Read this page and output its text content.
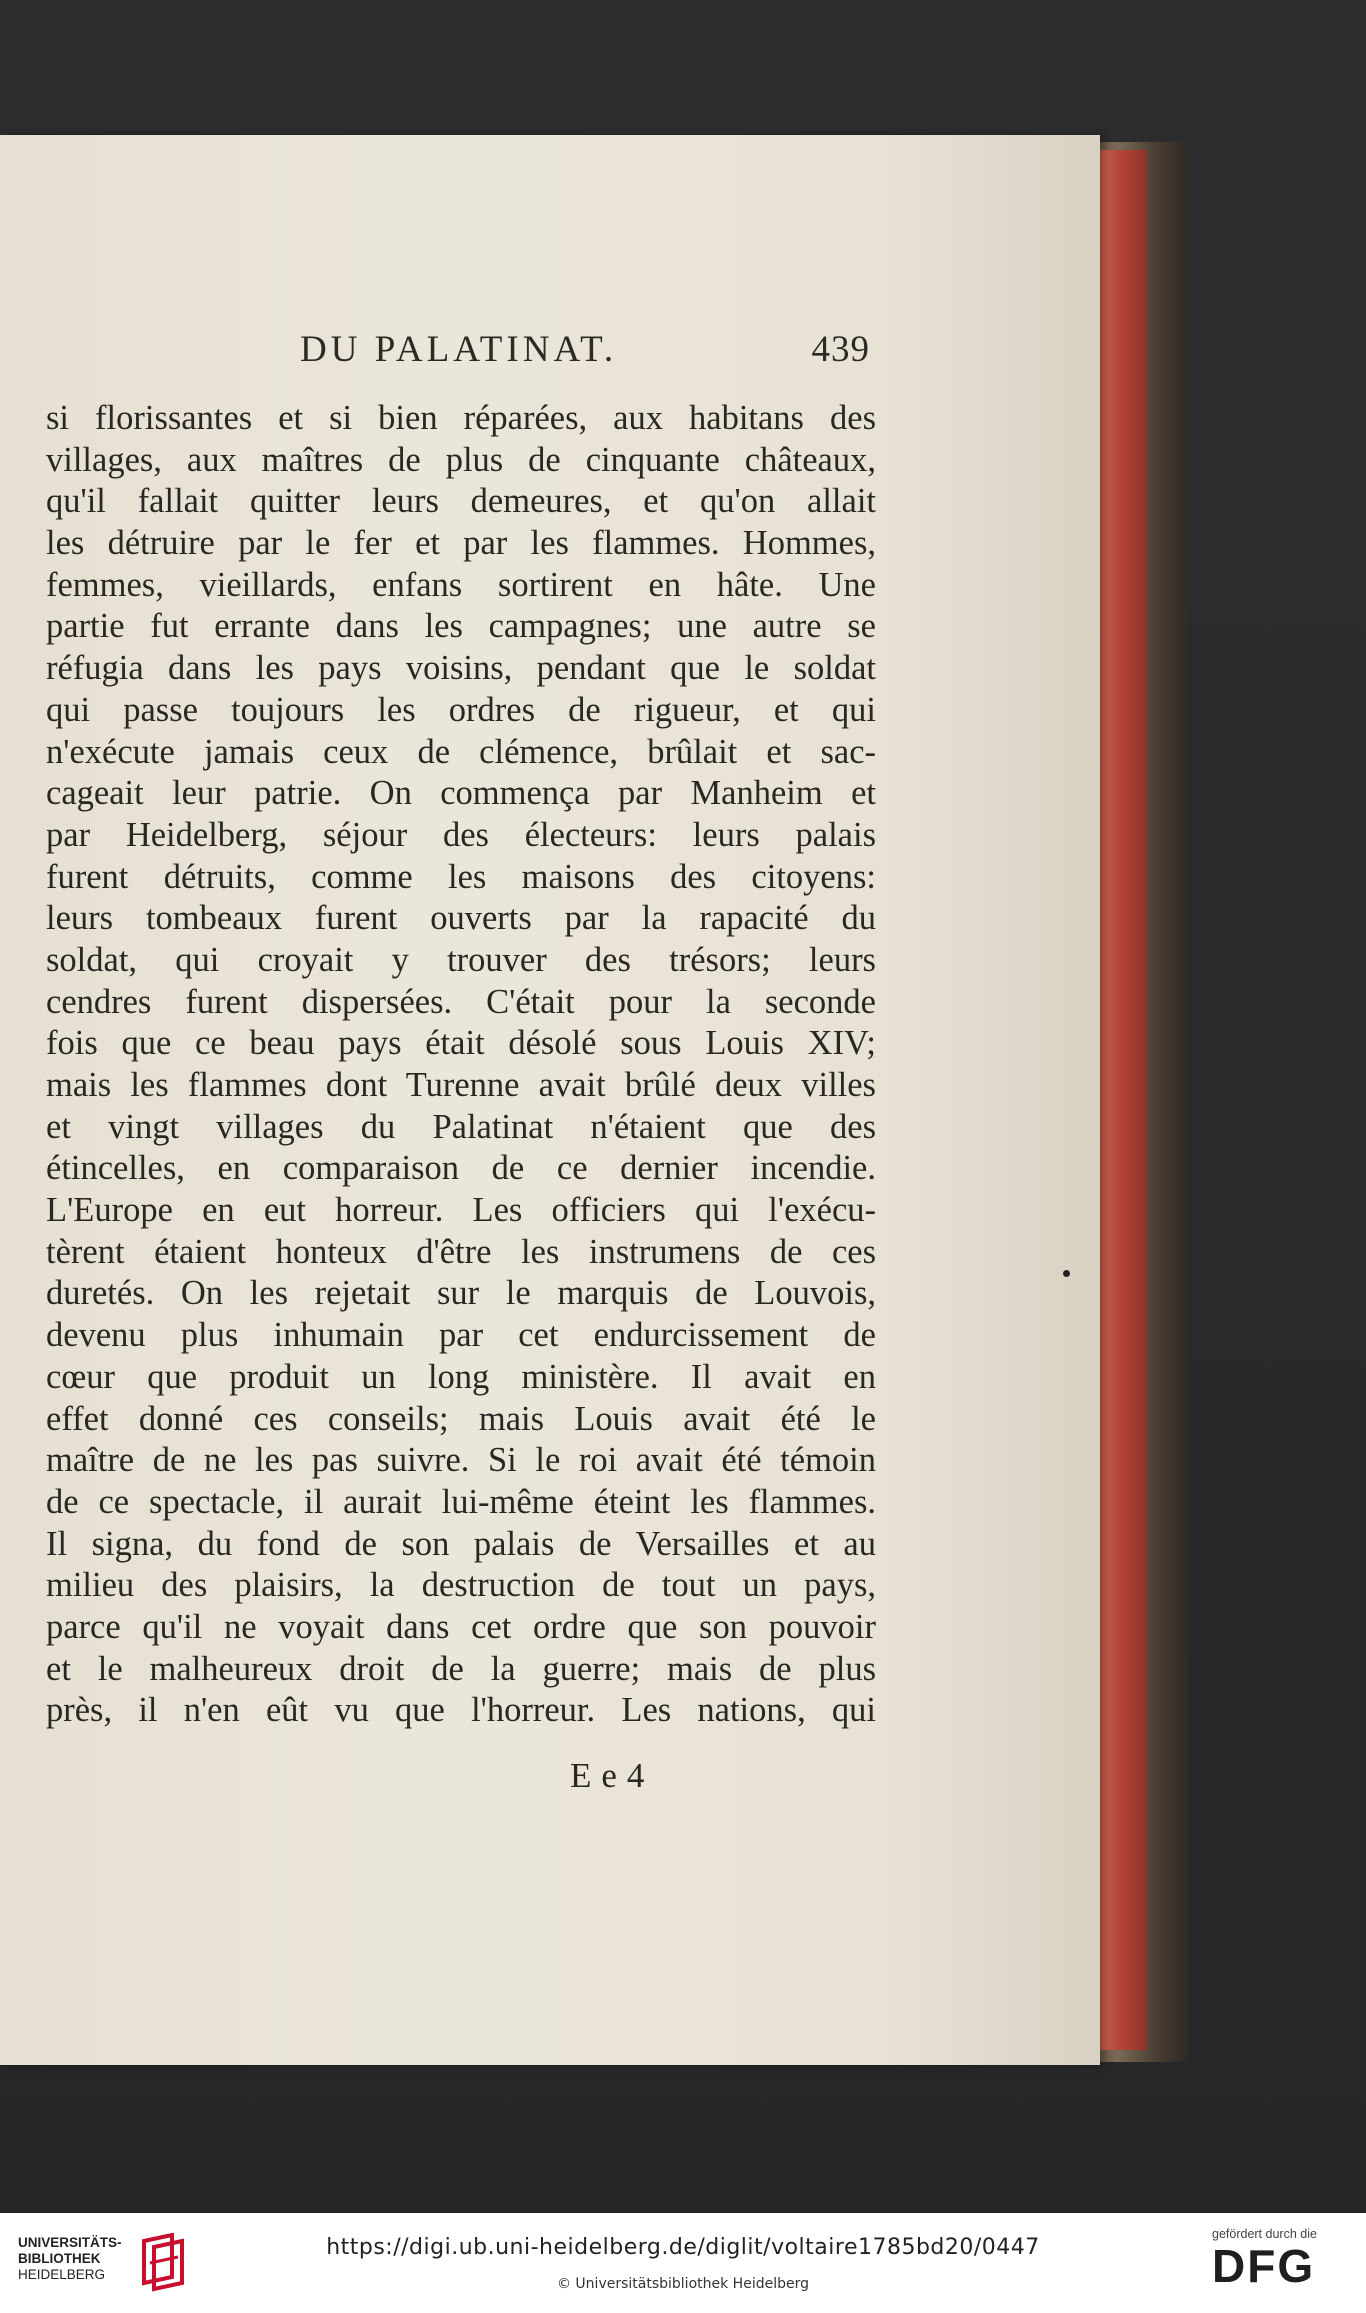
DU PALATINAT.	439
si florissantes et si bien réparées, aux habitans des
villages, aux maîtres de plus de cinquante châteaux,
qu'il fallait quitter leurs demeures, et qu'on allait
les détruire par le fer et par les flammes. Hommes,
femmes, vieillards, enfans sortirent en hâte. Une
partie fut errante dans les campagnes; une autre se
réfugia dans les pays voisins, pendant que le soldat
qui passe toujours les ordres de rigueur, et qui
n'exécute jamais ceux de clémence, brûlait et sac-
cageait leur patrie. On commença par Manheim et
par Heidelberg, séjour des électeurs: leurs palais
furent détruits, comme les maisons des citoyens:
leurs tombeaux furent ouverts par la rapacité du
soldat, qui croyait y trouver des trésors; leurs
cendres furent dispersées. C'était pour la seconde
fois que ce beau pays était désolé sous Louis XIV;
mais les flammes dont Turenne avait brûlé deux villes
et vingt villages du Palatinat n'étaient que des
étincelles, en comparaison de ce dernier incendie.
L'Europe en eut horreur. Les officiers qui l'exécu-
tèrent étaient honteux d'être les instrumens de ces
duretés. On les rejetait sur le marquis de Louvois,
devenu plus inhumain par cet endurcissement de
cœur que produit un long ministère. Il avait en
effet donné ces conseils; mais Louis avait été le
maître de ne les pas suivre. Si le roi avait été témoin
de ce spectacle, il aurait lui-même éteint les flammes.
Il signa, du fond de son palais de Versailles et au
milieu des plaisirs, la destruction de tout un pays,
parce qu'il ne voyait dans cet ordre que son pouvoir
et le malheureux droit de la guerre; mais de plus
près, il n'en eût vu que l'horreur. Les nations, qui
Ee4
UNIVERSITÄTS-
BIBLIOTHEK
HEIDELBERG
https://digi.ub.uni-heidelberg.de/diglit/voltaire1785bd20/0447
© Universitätsbibliothek Heidelberg
gefördert durch die
DFG
